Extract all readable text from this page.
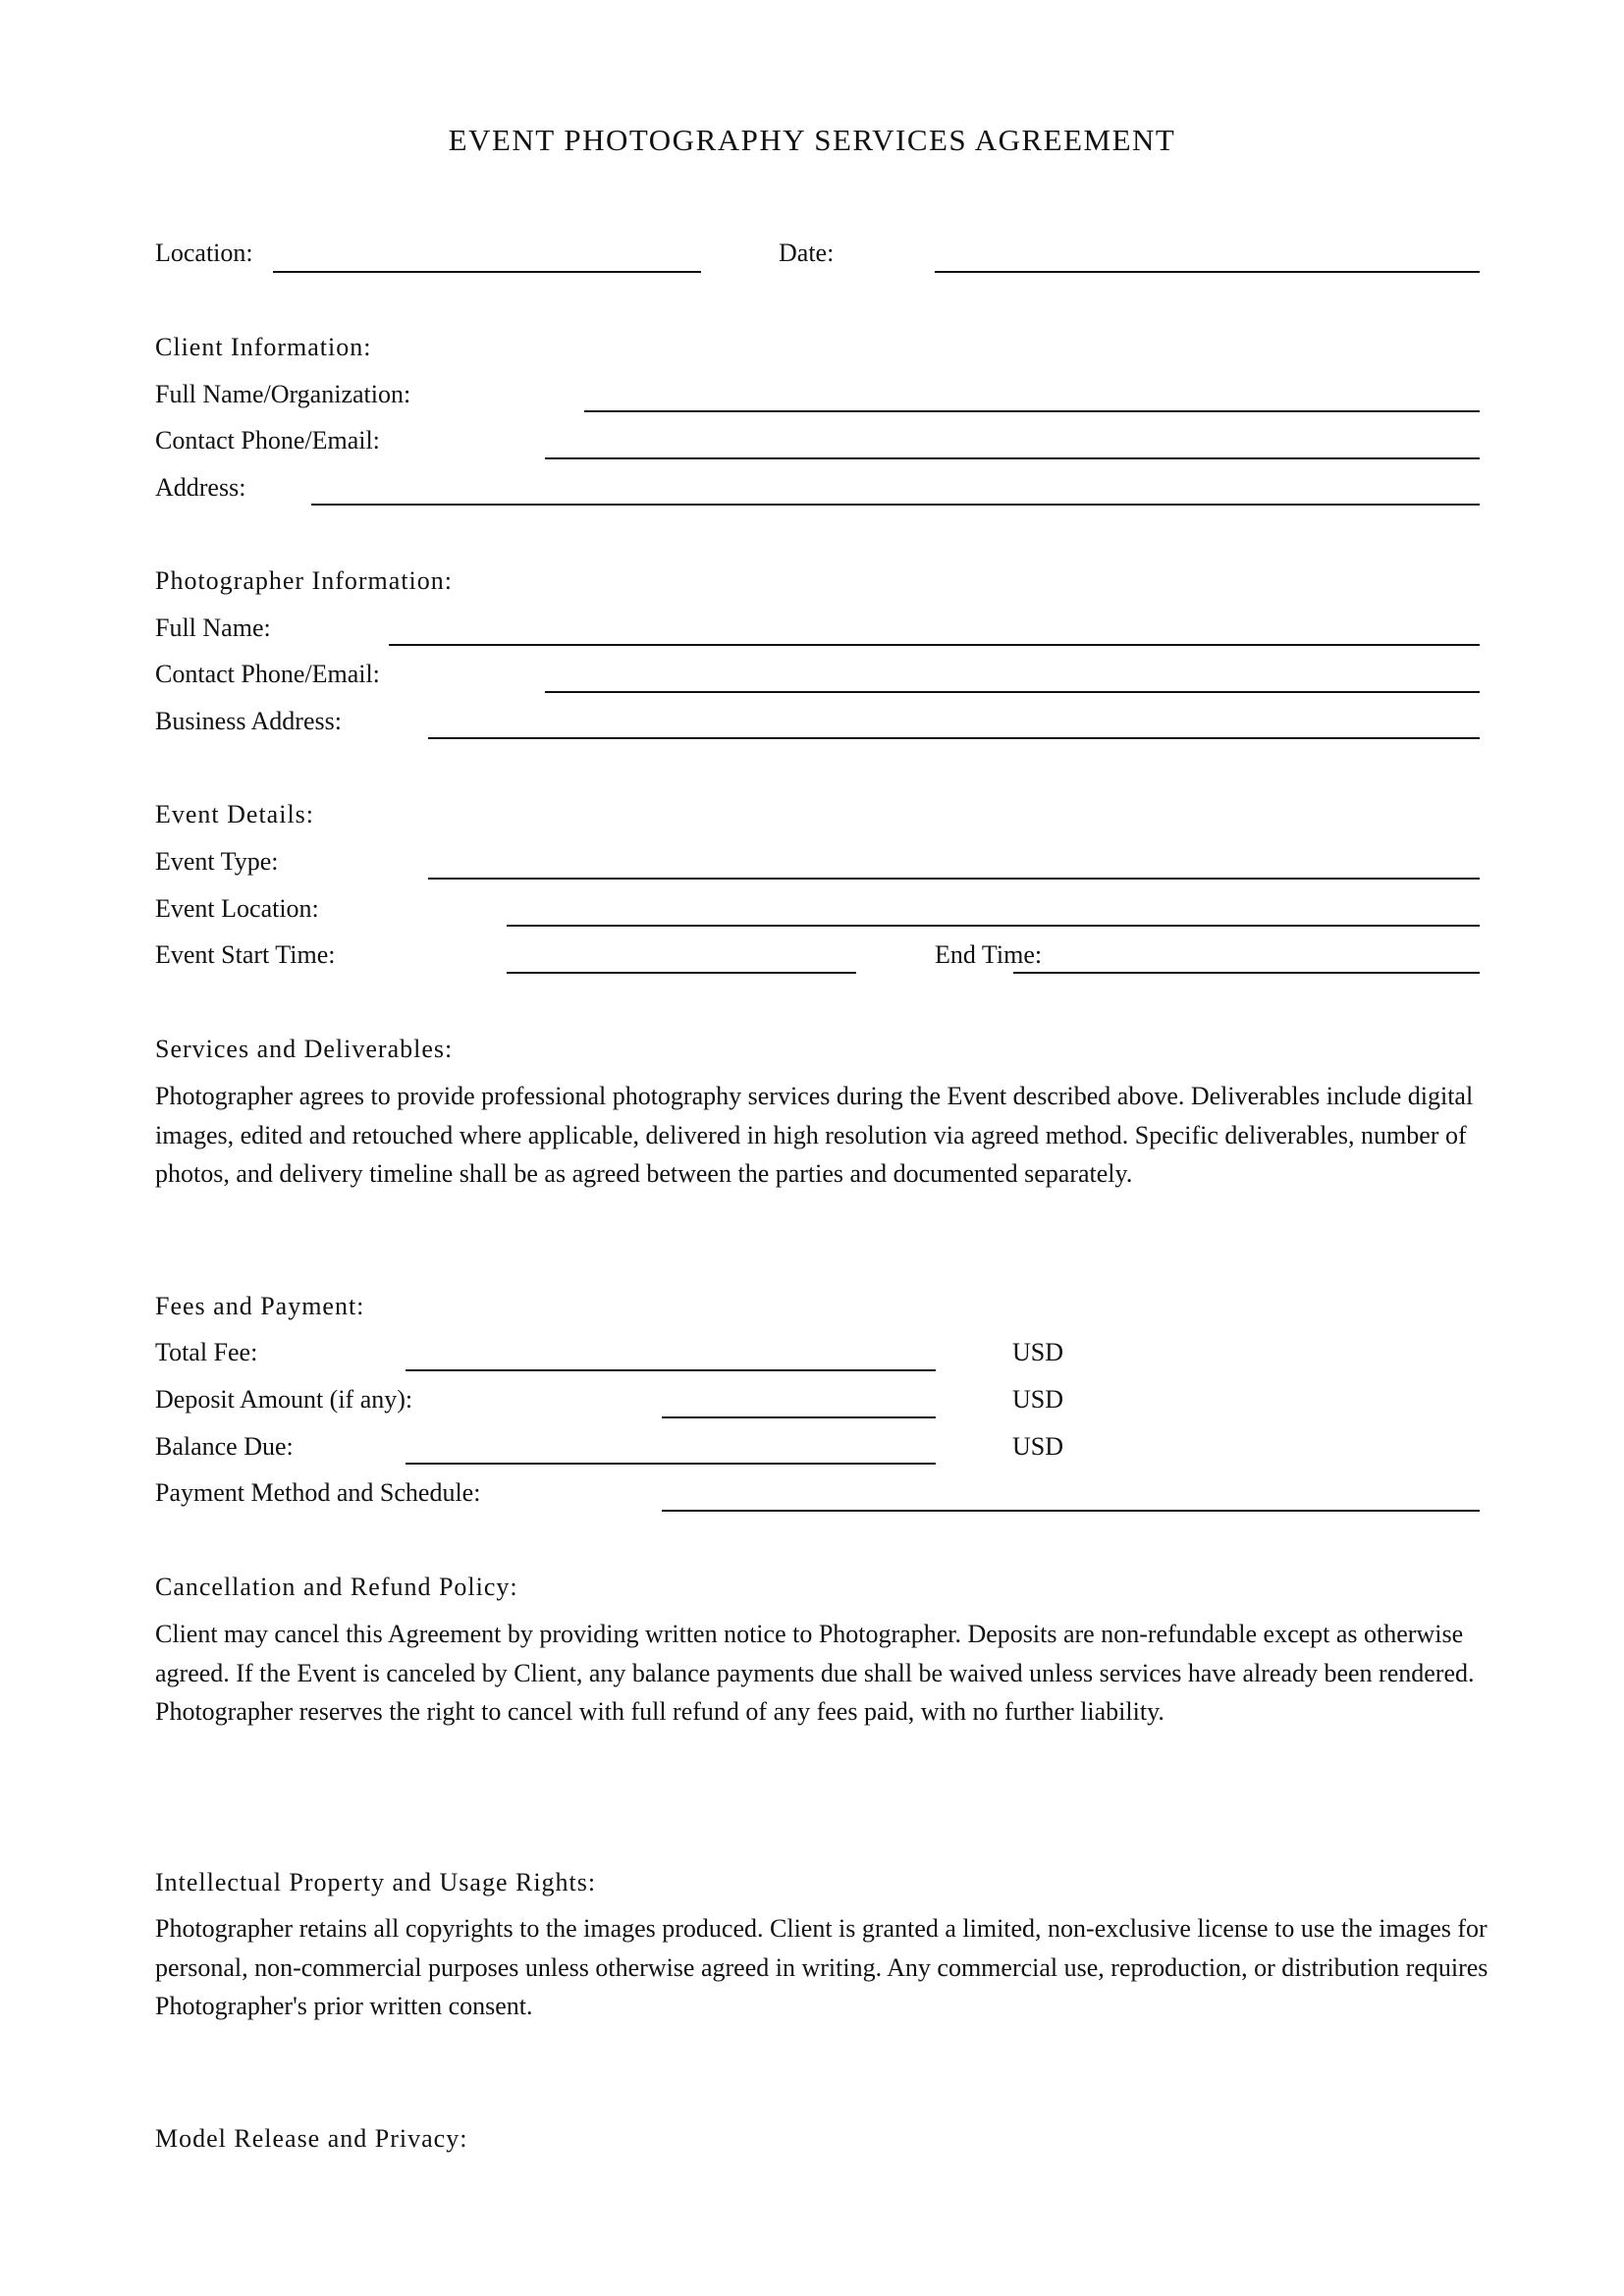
EVENT PHOTOGRAPHY SERVICES AGREEMENT
Location:	Date:
Client Information:
Full Name/Organization:
Contact Phone/Email:
Address:
Photographer Information:
Full Name:
Contact Phone/Email:
Business Address:
Event Details:
Event Type:
Event Location:
Event Start Time:	End Time:
Services and Deliverables:
Photographer agrees to provide professional photography services during the Event described above. Deliverables include digital images, edited and retouched where applicable, delivered in high resolution via agreed method. Specific deliverables, number of photos, and delivery timeline shall be as agreed between the parties and documented separately.
Fees and Payment:
Total Fee:	USD
Deposit Amount (if any):	USD
Balance Due:	USD
Payment Method and Schedule:
Cancellation and Refund Policy:
Client may cancel this Agreement by providing written notice to Photographer. Deposits are non-refundable except as otherwise agreed. If the Event is canceled by Client, any balance payments due shall be waived unless services have already been rendered. Photographer reserves the right to cancel with full refund of any fees paid, with no further liability.
Intellectual Property and Usage Rights:
Photographer retains all copyrights to the images produced. Client is granted a limited, non-exclusive license to use the images for personal, non-commercial purposes unless otherwise agreed in writing. Any commercial use, reproduction, or distribution requires Photographer's prior written consent.
Model Release and Privacy:
